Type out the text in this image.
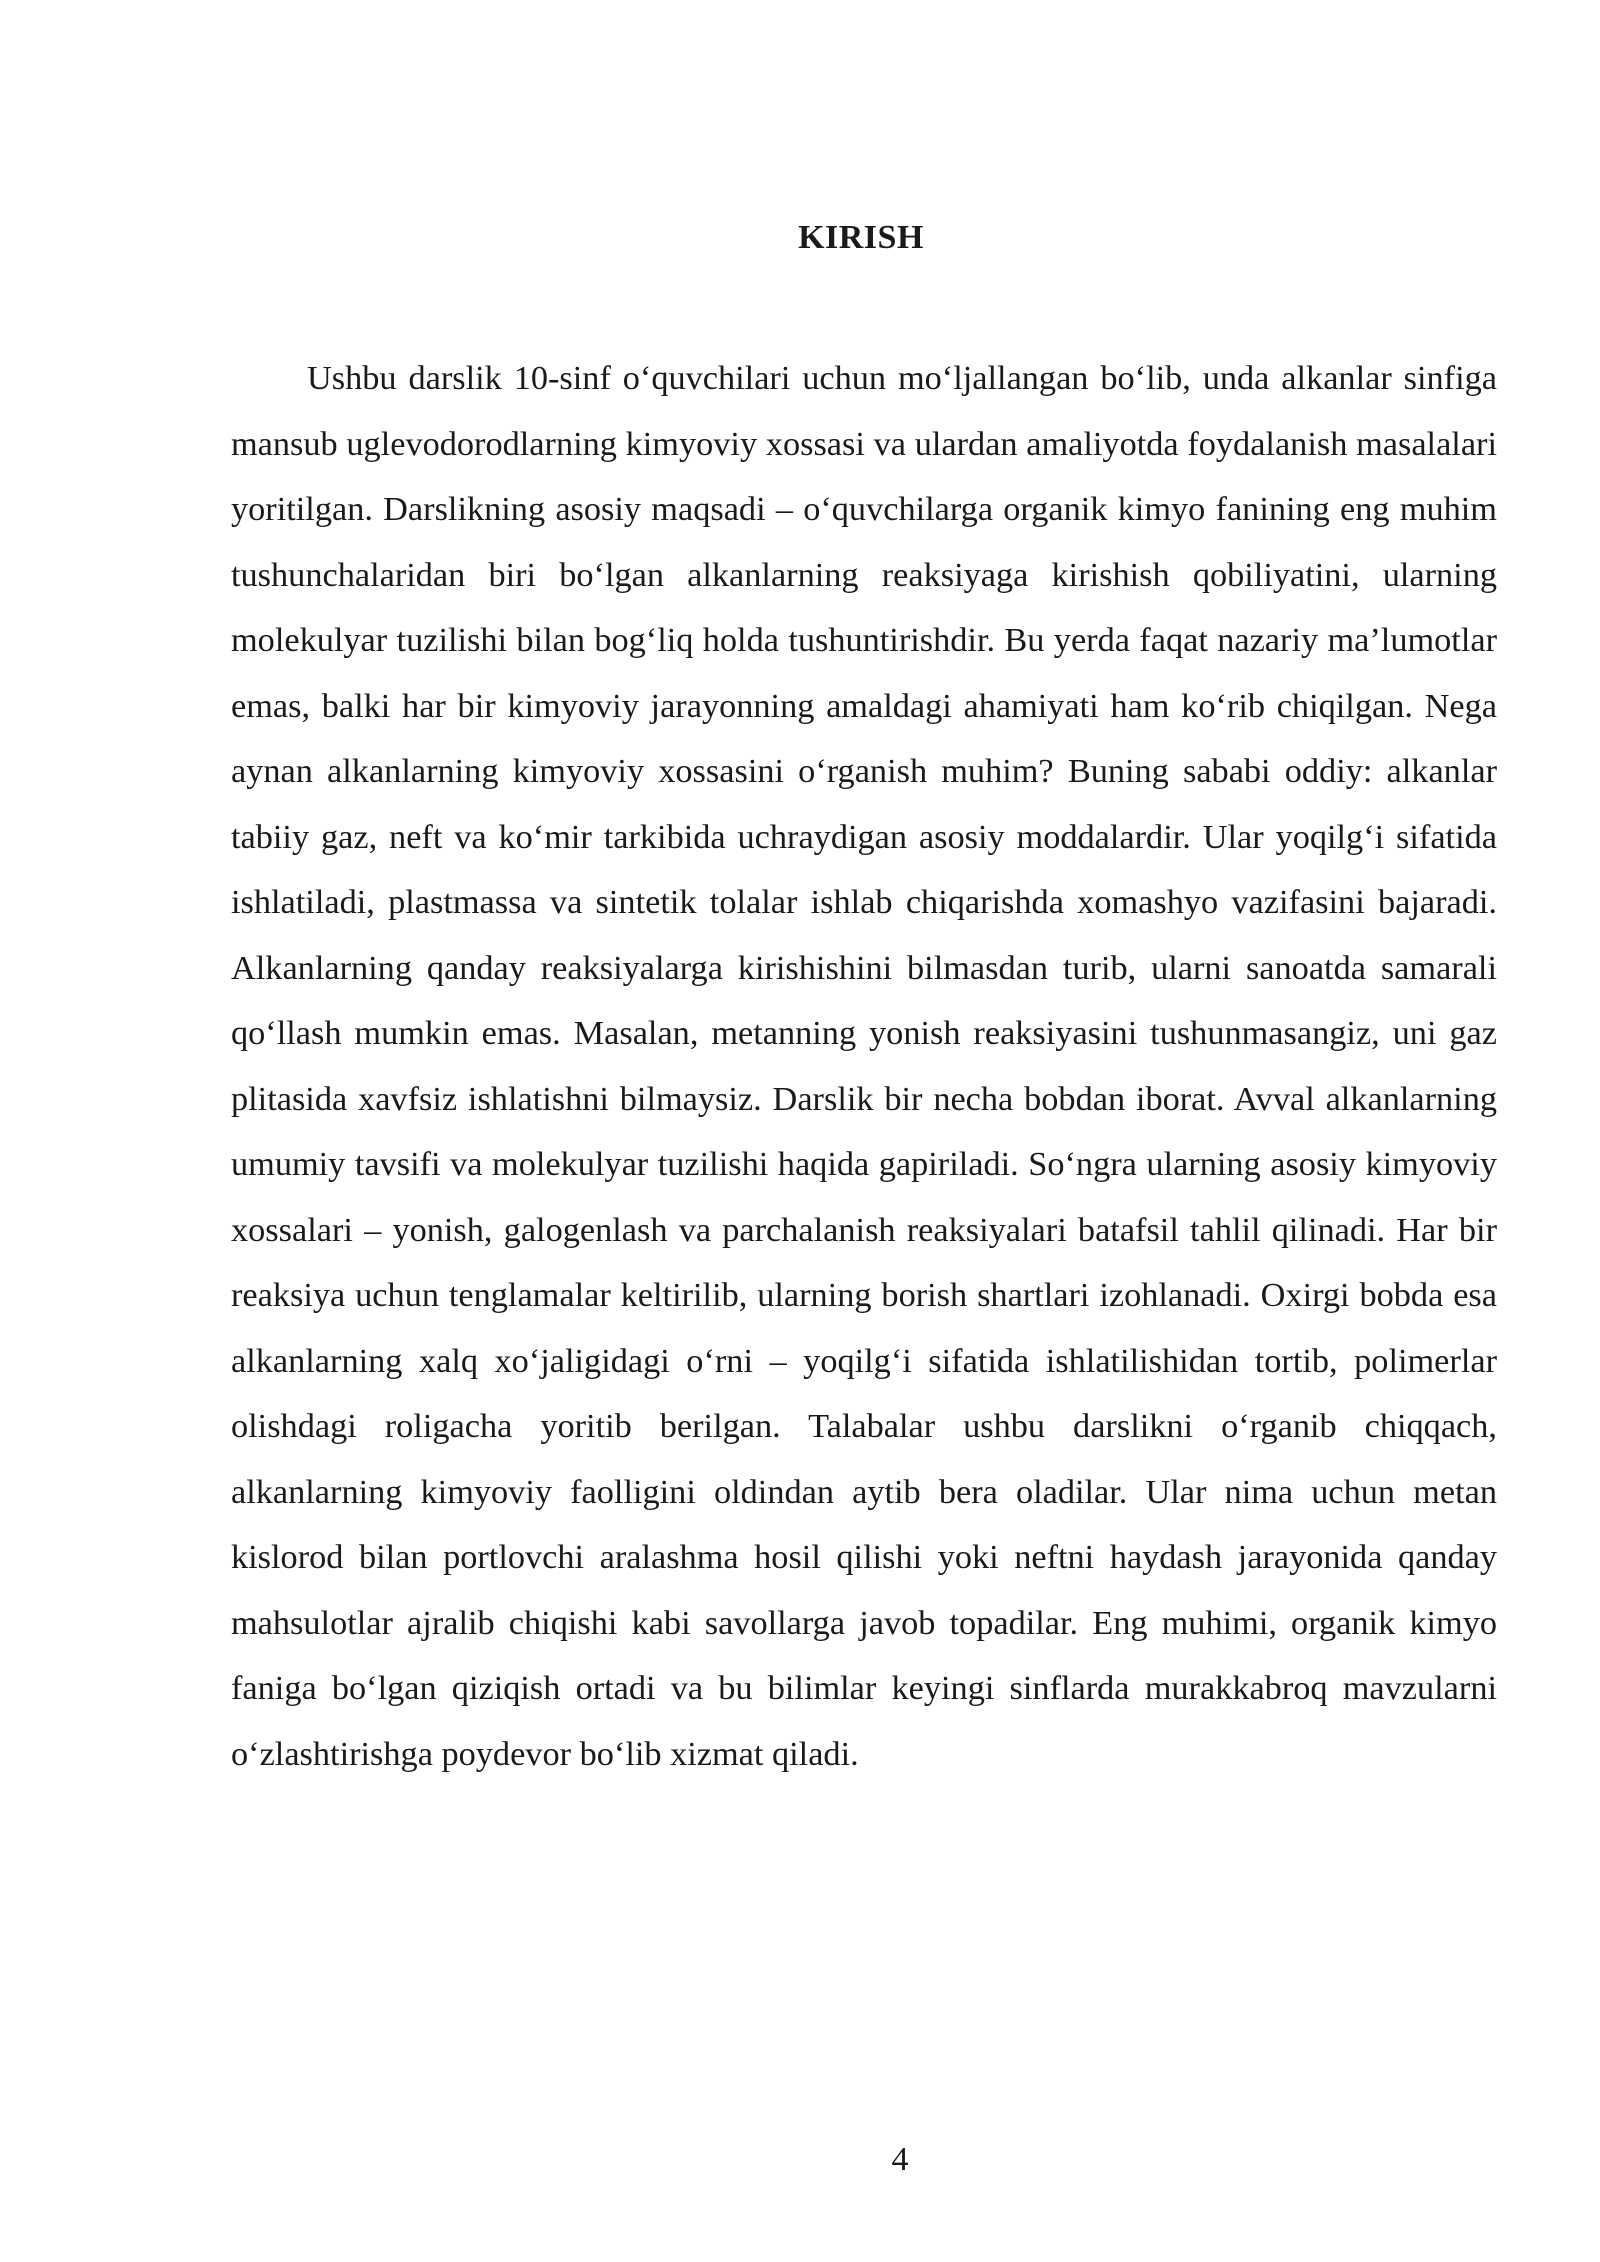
KIRISH

Ushbu darslik 10-sinf o‘quvchilari uchun mo‘ljallangan bo‘lib, unda alkanlar sinfiga mansub uglevodorodlarning kimyoviy xossasi va ulardan amaliyotda foydalanish masalalari yoritilgan. Darslikning asosiy maqsadi – o‘quvchilarga organik kimyo fanining eng muhim tushunchalaridan biri bo‘lgan alkanlarning reaksiyaga kirishish qobiliyatini, ularning molekulyar tuzilishi bilan bog‘liq holda tushuntirishdir. Bu yerda faqat nazariy ma’lumotlar emas, balki har bir kimyoviy jarayonning amaldagi ahamiyati ham ko‘rib chiqilgan. Nega aynan alkanlarning kimyoviy xossasini o‘rganish muhim? Buning sababi oddiy: alkanlar tabiiy gaz, neft va ko‘mir tarkibida uchraydigan asosiy moddalardir. Ular yoqilg‘i sifatida ishlatiladi, plastmassa va sintetik tolalar ishlab chiqarishda xomashyo vazifasini bajaradi. Alkanlarning qanday reaksiyalarga kirishishini bilmasdan turib, ularni sanoatda samarali qo‘llash mumkin emas. Masalan, metanning yonish reaksiyasini tushunmasangiz, uni gaz plitasida xavfsiz ishlatishni bilmaysiz. Darslik bir necha bobdan iborat. Avval alkanlarning umumiy tavsifi va molekulyar tuzilishi haqida gapiriladi. So‘ngra ularning asosiy kimyoviy xossalari – yonish, galogenlash va parchalanish reaksiyalari batafsil tahlil qilinadi. Har bir reaksiya uchun tenglamalar keltirilib, ularning borish shartlari izohlanadi. Oxirgi bobda esa alkanlarning xalq xo‘jaligidagi o‘rni – yoqilg‘i sifatida ishlatilishidan tortib, polimerlar olishdagi roligacha yoritib berilgan. Talabalar ushbu darslikni o‘rganib chiqqach, alkanlarning kimyoviy faolligini oldindan aytib bera oladilar. Ular nima uchun metan kislorod bilan portlovchi aralashma hosil qilishi yoki neftni haydash jarayonida qanday mahsulotlar ajralib chiqishi kabi savollarga javob topadilar. Eng muhimi, organik kimyo faniga bo‘lgan qiziqish ortadi va bu bilimlar keyingi sinflarda murakkabroq mavzularni o‘zlashtirishga poydevor bo‘lib xizmat qiladi.

4
